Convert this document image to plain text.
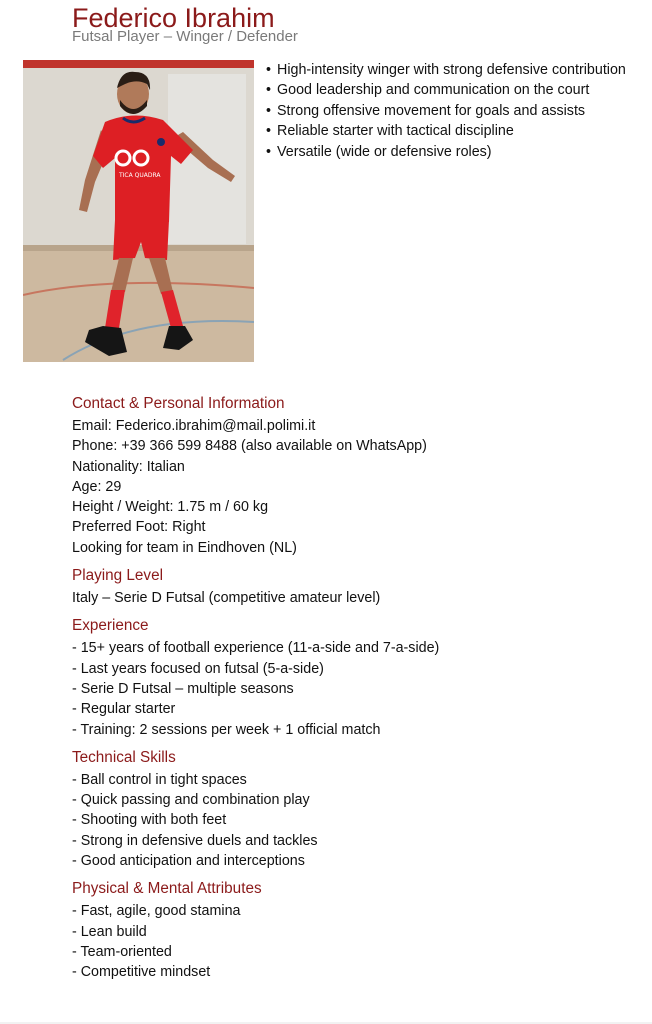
Federico Ibrahim
Futsal Player – Winger / Defender
TICA QUADRA
• High-intensity winger with strong defensive contribution
• Good leadership and communication on the court
• Strong offensive movement for goals and assists
• Reliable starter with tactical discipline
• Versatile (wide or defensive roles)
Contact & Personal Information
Email: Federico.ibrahim@mail.polimi.it
Phone: +39 366 599 8488 (also available on WhatsApp)
Nationality: Italian
Age: 29
Height / Weight: 1.75 m / 60 kg
Preferred Foot: Right
Looking for team in Eindhoven (NL)
Playing Level
Italy – Serie D Futsal (competitive amateur level)
Experience
- 15+ years of football experience (11-a-side and 7-a-side)
- Last years focused on futsal (5-a-side)
- Serie D Futsal – multiple seasons
- Regular starter
- Training: 2 sessions per week + 1 official match
Technical Skills
- Ball control in tight spaces
- Quick passing and combination play
- Shooting with both feet
- Strong in defensive duels and tackles
- Good anticipation and interceptions
Physical & Mental Attributes
- Fast, agile, good stamina
- Lean build
- Team-oriented
- Competitive mindset
